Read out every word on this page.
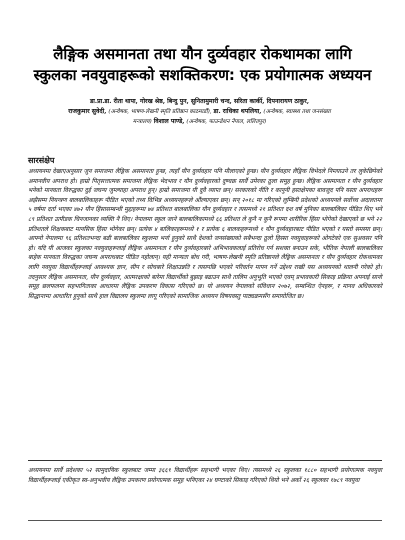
लैङ्गिक असमानता तथा यौन दुर्व्यवहार रोकथामका लागि
स्कुलका नवयुवाहरूको सशक्तिकरण: एक प्रयोगात्मक अध्ययन
डा.प्रा.डा. रीता थापा, गोरख श्रेष्ठ, बिन्दु पुन, सुनितामुमारी चन्द, सरिता कार्की, दिपनारायण ठाकुर,
राजकुमार सुवेदी, (अन्वेषक, भाषण-लेखनी स्मृति प्रतिष्ठान काठमाडौं), डा. राधिका थपलिया, (अन्वेषक, स्वास्थ्य तथा जनसंख्या
मन्त्रालय) विशाल पाण्डे, (अन्वेषक, फाउन्डेशन नेपाल, ललितपुर)
सारसंक्षेप
अध्ययनमा देखाएअनुसार जुन समाजमा लैङ्गिक असमानता हुन्छ, त्यहाँ यौन दुर्व्यवहार पनि मौलाएको हुन्छ। यौन दुर्व्यवहार लैङ्गिक विभेदले निम्त्याउने तर लुकेछिपेको अमानवीय अपराध हो। हाम्रो पितृसत्तात्मक समाजमा लैङ्गिक भेदभाव र यौन दुर्व्यवहारको दुष्चक्र सार्वै उमेरका ठूला समूह हुन्छ। लैङ्गिक असमानता र यौन दुर्व्यवहार भनेको मानवता विरुद्धका दुई जघन्य जुम्ल्याहा अपराध हुन्। हाम्रो समाजमा यी दुवै व्याप्त छन्। सरकारको नीति र कानुनी हस्तक्षेपका बावजुद पनि यस्ता अपराधहरू अझैसम्म नियन्त्रण बालबालिकाहरू पीडित भएको तथ्य विभिन्न अध्ययनहरूले औंल्याएका छन्। सन् २०१८ मा गरिएको लुम्बिनी प्रदेशको अध्ययनले सर्वोच्च अदालतमा ५ वर्षमा दर्ता भएका ४७२ यौन हिंसासम्बन्धी मुद्दाहरूमा ७४ प्रतिशत बालबालिका यौन दुर्व्यवहार र त्यसमध्ये २१ प्रतिशत दश वर्ष मुनिका बालबालिका पीडित थिए भने ८९ प्रतिशत उत्पीडक चिनजानका व्यक्ति नै थिए। नेपालमा स्कुल जाने बालबालिकामध्ये ६६ प्रतिशत ले कुनै न कुनै रूपमा शारीरिक हिंसा भोगेको देखाएको छ भने २२ प्रतिशतले शिक्षकबाट मानसिक हिंसा भोगेका छन्। प्रत्येक ४ बालिकाहरूमध्ये १ र प्रत्येक ६ बालकहरूमध्ये १ यौन दुर्व्यवहारबाट पीडित भएको र यस्तो समस्या छन्। आफ्नो नेपालमा ९६ प्रतिशतभन्दा बढी बालबालिका स्कुलमा भर्ना हुनुको साथै देशको जनसंख्याको सबैभन्दा ठूलो हिस्सा नवयुवाहरूको ओगटेको एक सुअवसर पनि हो। यदि यी आजका स्कुलका नवयुवाहरूलाई लैङ्गिक असमानता र यौन दुर्व्यवहारबारे अभिभावकलाई प्रतिरोध गर्न सशक्त बनाउन सके, भौतिक नेपाली बालबालिका बाहेक मानवता विरुद्धका जघन्य अपराधबाट पीडित नहोलान्। यही मान्यता बोध गरी, भाषण-लेखनी स्मृति प्रतिष्ठानले लैङ्गिक असमानता र यौन दुर्व्यवहार रोकथामका लागि नवयुवा विद्यार्थीहरूलाई आवश्यक ज्ञान, सीप र सोचबारे शिक्षाउन्नति र त्यसपछि भएको परिवर्तन मापन गर्ने उद्देश्य राखी यस अध्ययनको थालनी गरेको हो। तदनुसार लैङ्गिक असमानता, यौन दुर्व्यवहार, आत्मरक्षाको बारेमा विद्यार्थीको बुझाइ बढाउन साथै तालिम अनुभूति भएको एवम् प्रभावकारी सिकाइ प्रक्रिया अपनाई सानो समूह छलफलमा सहभागिताका आधारमा लैङ्गिक उपकरण विकास गरिएको छ। यो अध्ययन नेपालको संविधान २०७२, सम्बन्धित ऐनहरू, र मानव अधिकारको सिद्धान्तमा आधारित हुनुको साथै हाल विद्यालय स्कुलमा लागू गरिएको सामाजिक अध्ययन विषयवस्तु पाठ्यक्रमसँग समायोजित छ।
अध्ययनमा सार्वै प्रदेशका ५२ सामुदायिक स्कुलबाट जम्मा ३६६९ विद्यार्थीहरू सहभागी भएका थिए। त्यसमध्ये २६ स्कुलका १८८० सहभागी प्रयोगात्मक नवयुवा विद्यार्थीहरूलाई एकीकृत स्व-अनुभवीय लैङ्गिक उपकरण प्रयोगात्मक समूह भनिएका २४ घण्टाको सिकाइ गरिएको थियो भने अर्को २६ स्कुलका १७८९ नवयुवा
